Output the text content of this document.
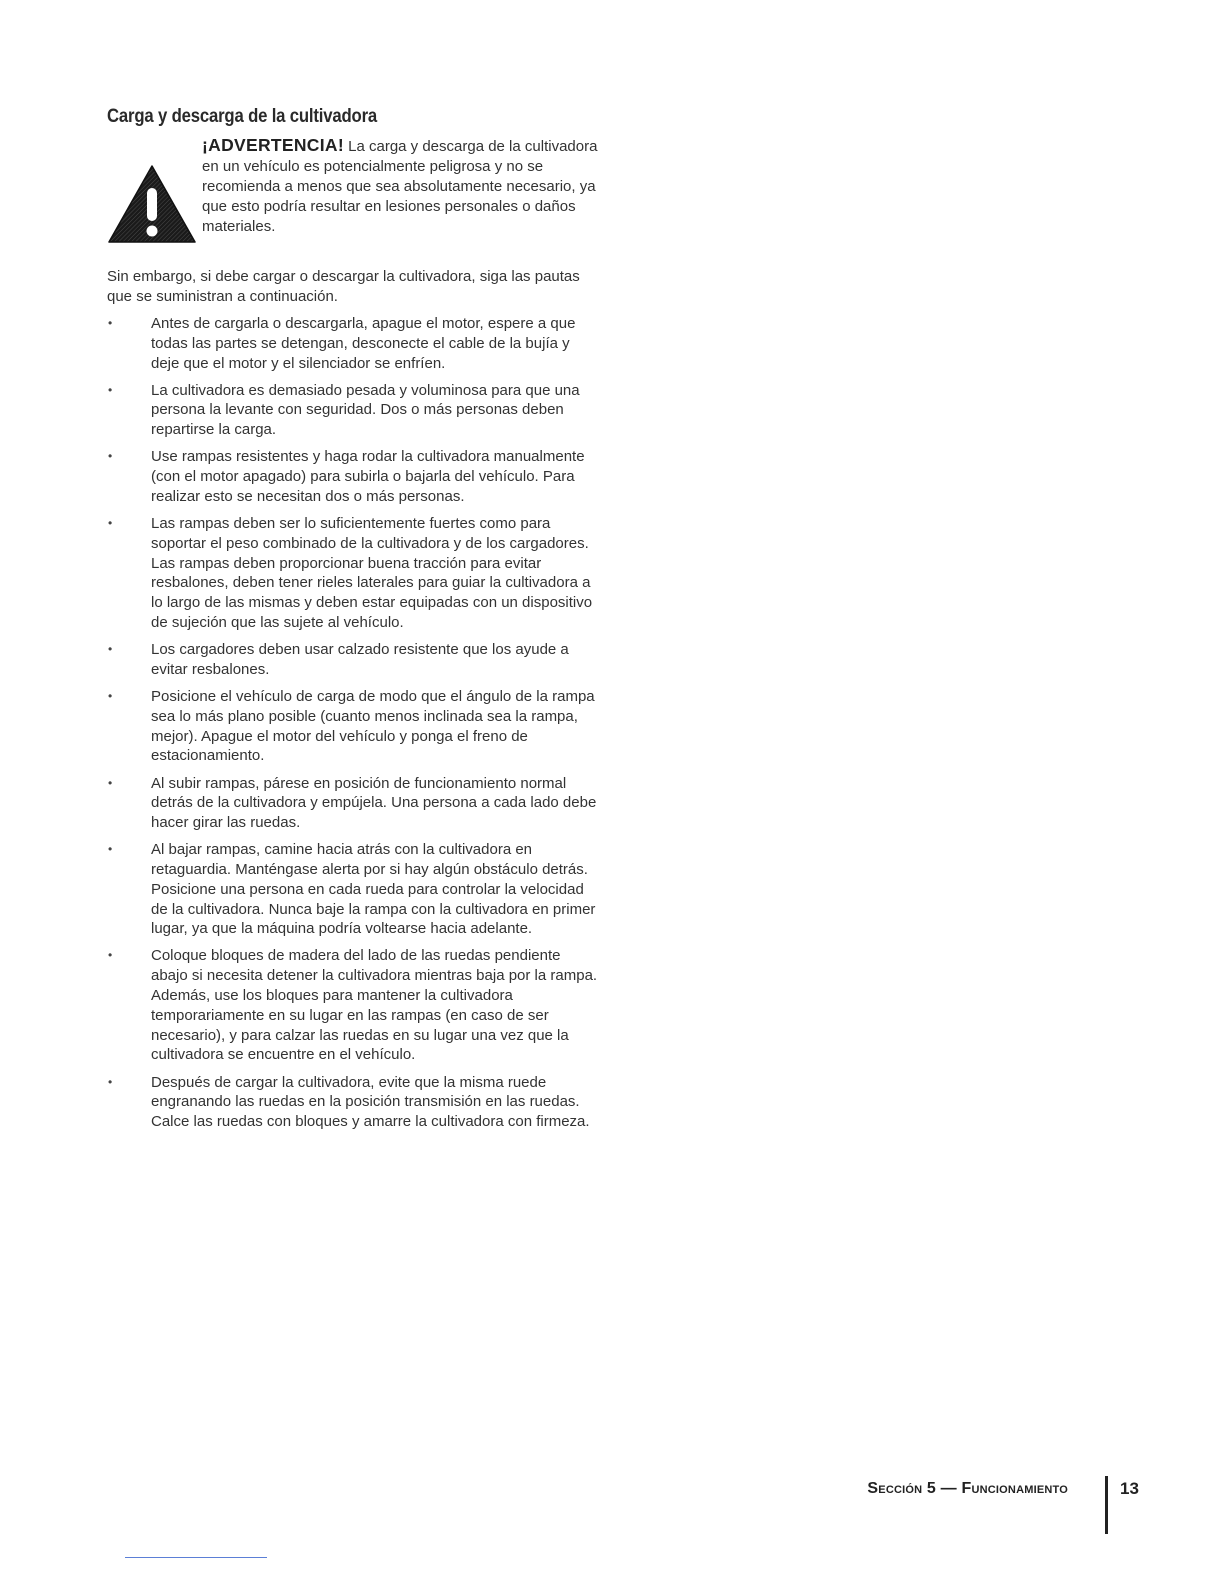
Carga y descarga de la cultivadora
¡ADVERTENCIA! La carga y descarga de la cultivadora en un vehículo es potencialmente peligrosa y no se recomienda a menos que sea absolutamente necesario, ya que esto podría resultar en lesiones personales o daños materiales.

Sin embargo, si debe cargar o descargar la cultivadora, siga las pautas que se suministran a continuación.

•	Antes de cargarla o descargarla, apague el motor, espere a que todas las partes se detengan, desconecte el cable de la bujía y deje que el motor y el silenciador se enfríen.
•	La cultivadora es demasiado pesada y voluminosa para que una persona la levante con seguridad. Dos o más personas deben repartirse la carga.
•	Use rampas resistentes y haga rodar la cultivadora manualmente (con el motor apagado) para subirla o bajarla del vehículo. Para realizar esto se necesitan dos o más personas.
•	Las rampas deben ser lo suficientemente fuertes como para soportar el peso combinado de la cultivadora y de los cargadores. Las rampas deben proporcionar buena tracción para evitar resbalones, deben tener rieles laterales para guiar la cultivadora a lo largo de las mismas y deben estar equipadas con un dispositivo de sujeción que las sujete al vehículo.
•	Los cargadores deben usar calzado resistente que los ayude a evitar resbalones.
•	Posicione el vehículo de carga de modo que el ángulo de la rampa sea lo más plano posible (cuanto menos inclinada sea la rampa, mejor). Apague el motor del vehículo y ponga el freno de estacionamiento.
•	Al subir rampas, párese en posición de funcionamiento normal detrás de la cultivadora y empújela. Una persona a cada lado debe hacer girar las ruedas.
•	Al bajar rampas, camine hacia atrás con la cultivadora en retaguardia. Manténgase alerta por si hay algún obstáculo detrás. Posicione una persona en cada rueda para controlar la velocidad de la cultivadora. Nunca baje la rampa con la cultivadora en primer lugar, ya que la máquina podría voltearse hacia adelante.
•	Coloque bloques de madera del lado de las ruedas pendiente abajo si necesita detener la cultivadora mientras baja por la rampa. Además, use los bloques para mantener la cultivadora temporariamente en su lugar en las rampas (en caso de ser necesario), y para calzar las ruedas en su lugar una vez que la cultivadora se encuentre en el vehículo.
•	Después de cargar la cultivadora, evite que la misma ruede engranando las ruedas en la posición transmisión en las ruedas. Calce las ruedas con bloques y amarre la cultivadora con firmeza.
Sección 5 — Funcionamiento	13
